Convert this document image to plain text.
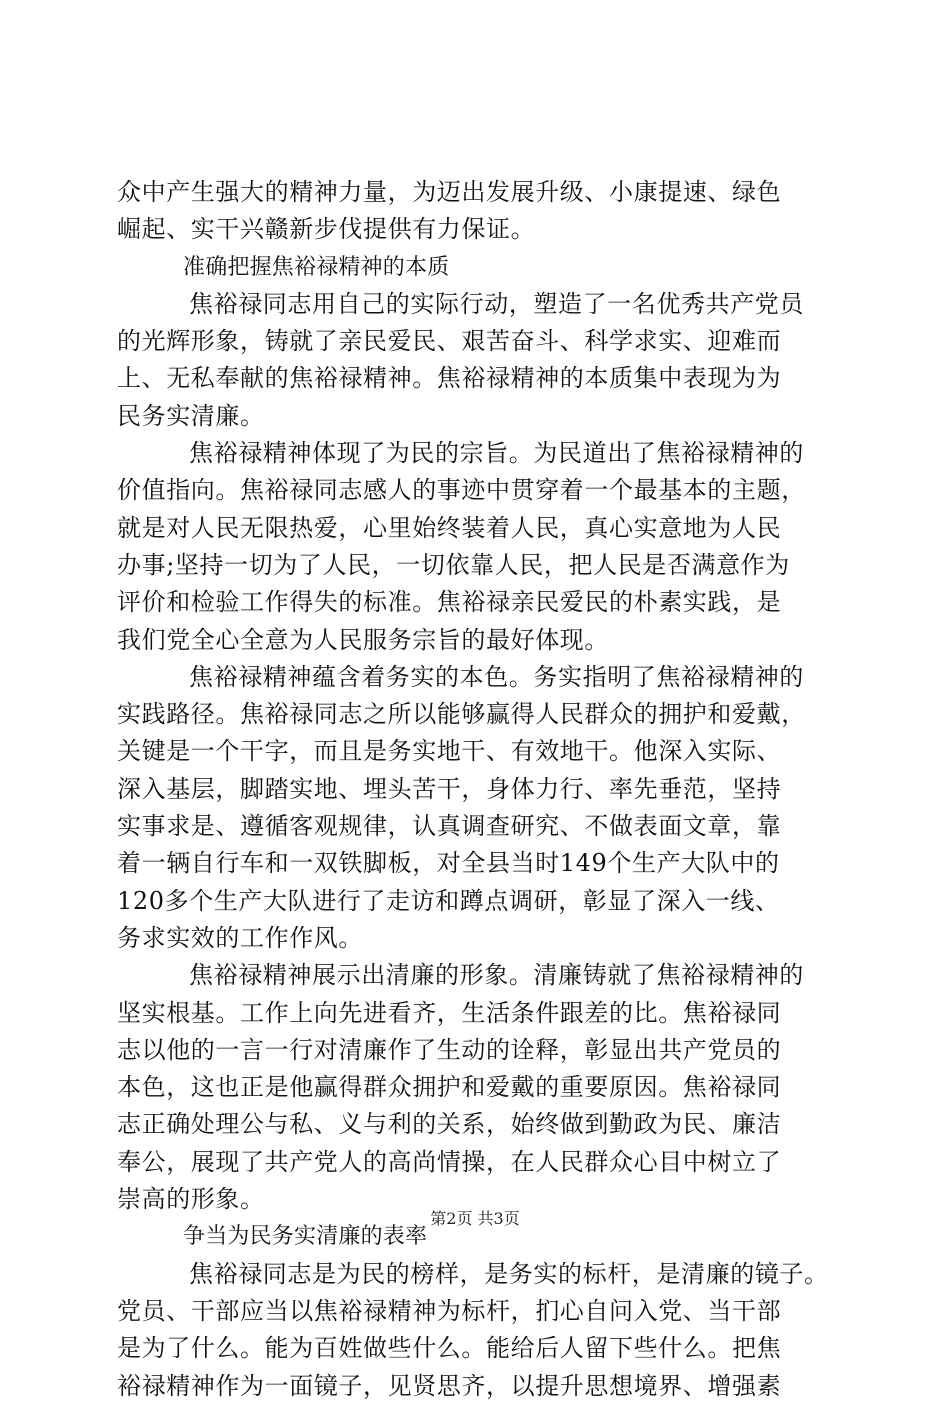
众中产生强大的精神力量，为迈出发展升级、小康提速、绿色
崛起、实干兴赣新步伐提供有力保证。
准确把握焦裕禄精神的本质
焦裕禄同志用自己的实际行动，塑造了一名优秀共产党员
的光辉形象，铸就了亲民爱民、艰苦奋斗、科学求实、迎难而
上、无私奉献的焦裕禄精神。焦裕禄精神的本质集中表现为为
民务实清廉。
焦裕禄精神体现了为民的宗旨。为民道出了焦裕禄精神的
价值指向。焦裕禄同志感人的事迹中贯穿着一个最基本的主题，
就是对人民无限热爱，心里始终装着人民，真心实意地为人民
办事;坚持一切为了人民，一切依靠人民，把人民是否满意作为
评价和检验工作得失的标准。焦裕禄亲民爱民的朴素实践，是
我们党全心全意为人民服务宗旨的最好体现。
焦裕禄精神蕴含着务实的本色。务实指明了焦裕禄精神的
实践路径。焦裕禄同志之所以能够赢得人民群众的拥护和爱戴，
关键是一个干字，而且是务实地干、有效地干。他深入实际、
深入基层，脚踏实地、埋头苦干，身体力行、率先垂范，坚持
实事求是、遵循客观规律，认真调查研究、不做表面文章，靠
着一辆自行车和一双铁脚板，对全县当时149个生产大队中的
120多个生产大队进行了走访和蹲点调研，彰显了深入一线、
务求实效的工作作风。
焦裕禄精神展示出清廉的形象。清廉铸就了焦裕禄精神的
坚实根基。工作上向先进看齐，生活条件跟差的比。焦裕禄同
志以他的一言一行对清廉作了生动的诠释，彰显出共产党员的
本色，这也正是他赢得群众拥护和爱戴的重要原因。焦裕禄同
志正确处理公与私、义与利的关系，始终做到勤政为民、廉洁
奉公，展现了共产党人的高尚情操，在人民群众心目中树立了
崇高的形象。
争当为民务实清廉的表率
焦裕禄同志是为民的榜样，是务实的标杆，是清廉的镜子。
党员、干部应当以焦裕禄精神为标杆，扪心自问入党、当干部
是为了什么。能为百姓做些什么。能给后人留下些什么。把焦
裕禄精神作为一面镜子，见贤思齐，以提升思想境界、增强素
第2页 共3页
